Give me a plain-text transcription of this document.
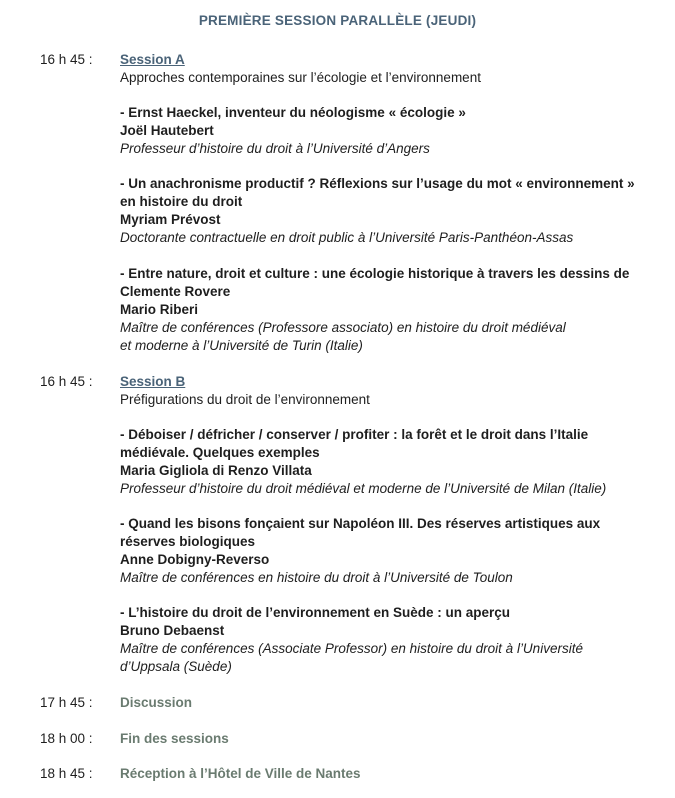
PREMIÈRE SESSION PARALLÈLE (JEUDI)
16 h 45 :	Session A
Approches contemporaines sur l’écologie et l’environnement
- Ernst Haeckel, inventeur du néologisme « écologie »
Joël Hautebert
Professeur d’histoire du droit à l’Université d’Angers
- Un anachronisme productif ? Réflexions sur l’usage du mot « environnement »
en histoire du droit
Myriam Prévost
Doctorante contractuelle en droit public à l’Université Paris-Panthéon-Assas
- Entre nature, droit et culture : une écologie historique à travers les dessins de
Clemente Rovere
Mario Riberi
Maître de conférences (Professore associato) en histoire du droit médiéval
et moderne à l’Université de Turin (Italie)
16 h 45 :	Session B
Préfigurations du droit de l’environnement
- Déboiser / défricher / conserver / profiter : la forêt et le droit dans l’Italie
médiévale. Quelques exemples
Maria Gigliola di Renzo Villata
Professeur d’histoire du droit médiéval et moderne de l’Université de Milan (Italie)
- Quand les bisons fonçaient sur Napoléon III. Des réserves artistiques aux
réserves biologiques
Anne Dobigny-Reverso
Maître de conférences en histoire du droit à l’Université de Toulon
- L’histoire du droit de l’environnement en Suède : un aperçu
Bruno Debaenst
Maître de conférences (Associate Professor) en histoire du droit à l’Université
d’Uppsala (Suède)
17 h 45 :	Discussion
18 h 00 :	Fin des sessions
18 h 45 :	Réception à l’Hôtel de Ville de Nantes
